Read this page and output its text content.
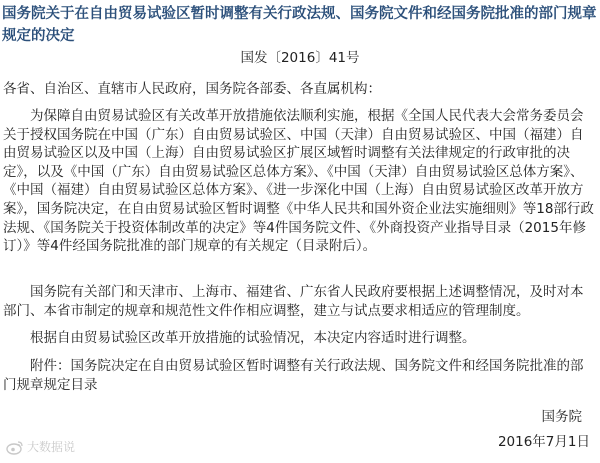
国务院关于在自由贸易试验区暂时调整有关行政法规、国务院文件和经国务院批准的部门规章规定的决定
国发〔2016〕41号
各省、自治区、直辖市人民政府，国务院各部委、各直属机构：

为保障自由贸易试验区有关改革开放措施依法顺利实施，根据《全国人民代表大会常务委员会关于授权国务院在中国（广东）自由贸易试验区、中国（天津）自由贸易试验区、中国（福建）自由贸易试验区以及中国（上海）自由贸易试验区扩展区域暂时调整有关法律规定的行政审批的决定》，以及《中国（广东）自由贸易试验区总体方案》、《中国（天津）自由贸易试验区总体方案》、《中国（福建）自由贸易试验区总体方案》、《进一步深化中国（上海）自由贸易试验区改革开放方案》，国务院决定，在自由贸易试验区暂时调整《中华人民共和国外资企业法实施细则》等18部行政法规、《国务院关于投资体制改革的决定》等4件国务院文件、《外商投资产业指导目录（2015年修订）》等4件经国务院批准的部门规章的有关规定（目录附后）。

国务院有关部门和天津市、上海市、福建省、广东省人民政府要根据上述调整情况，及时对本部门、本省市制定的规章和规范性文件作相应调整，建立与试点要求相适应的管理制度。

根据自由贸易试验区改革开放措施的试验情况，本决定内容适时进行调整。

附件：国务院决定在自由贸易试验区暂时调整有关行政法规、国务院文件和经国务院批准的部门规章规定目录

国务院
2016年7月1日
大数据说
